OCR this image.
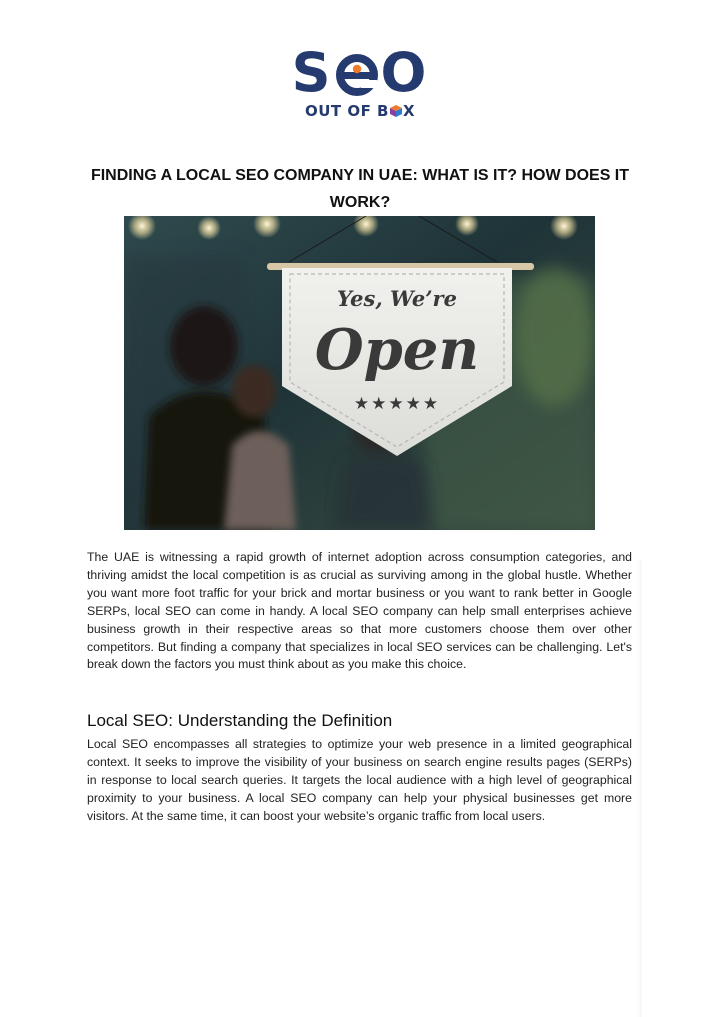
S O
OUT OF B X
FINDING A LOCAL SEO COMPANY IN UAE: WHAT IS IT? HOW DOES IT WORK?
Yes, We’re
Open
★★★★★

The UAE is witnessing a rapid growth of internet adoption across consumption categories, and thriving amidst the local competition is as crucial as surviving among in the global hustle. Whether you want more foot traffic for your brick and mortar business or you want to rank better in Google SERPs, local SEO can come in handy. A local SEO company can help small enterprises achieve business growth in their respective areas so that more customers choose them over other competitors. But finding a company that specializes in local SEO services can be challenging. Let's break down the factors you must think about as you make this choice.

Local SEO: Understanding the Definition

Local SEO encompasses all strategies to optimize your web presence in a limited geographical context. It seeks to improve the visibility of your business on search engine results pages (SERPs) in response to local search queries. It targets the local audience with a high level of geographical proximity to your business. A local SEO company can help your physical businesses get more visitors. At the same time, it can boost your website’s organic traffic from local users.
